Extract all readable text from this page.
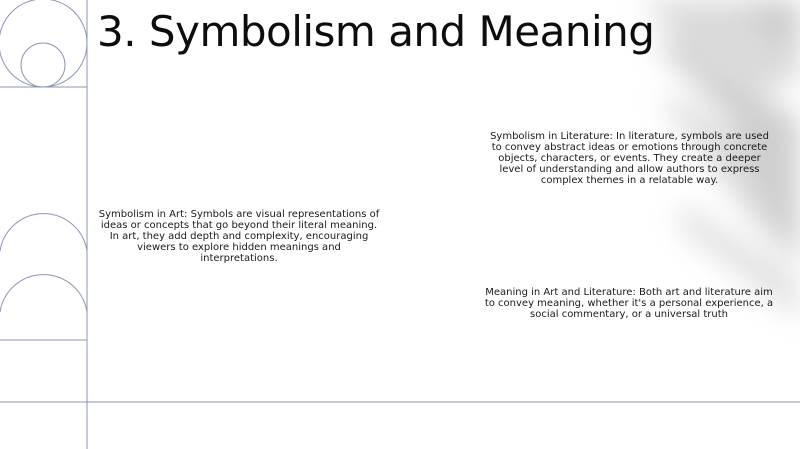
3. Symbolism and Meaning
Symbolism in Art: Symbols are visual representations of ideas or concepts that go beyond their literal meaning. In art, they add depth and complexity, encouraging viewers to explore hidden meanings and interpretations.
Symbolism in Literature: In literature, symbols are used to convey abstract ideas or emotions through concrete objects, characters, or events. They create a deeper level of understanding and allow authors to express complex themes in a relatable way.
Meaning in Art and Literature: Both art and literature aim to convey meaning, whether it's a personal experience, a social commentary, or a universal truth
